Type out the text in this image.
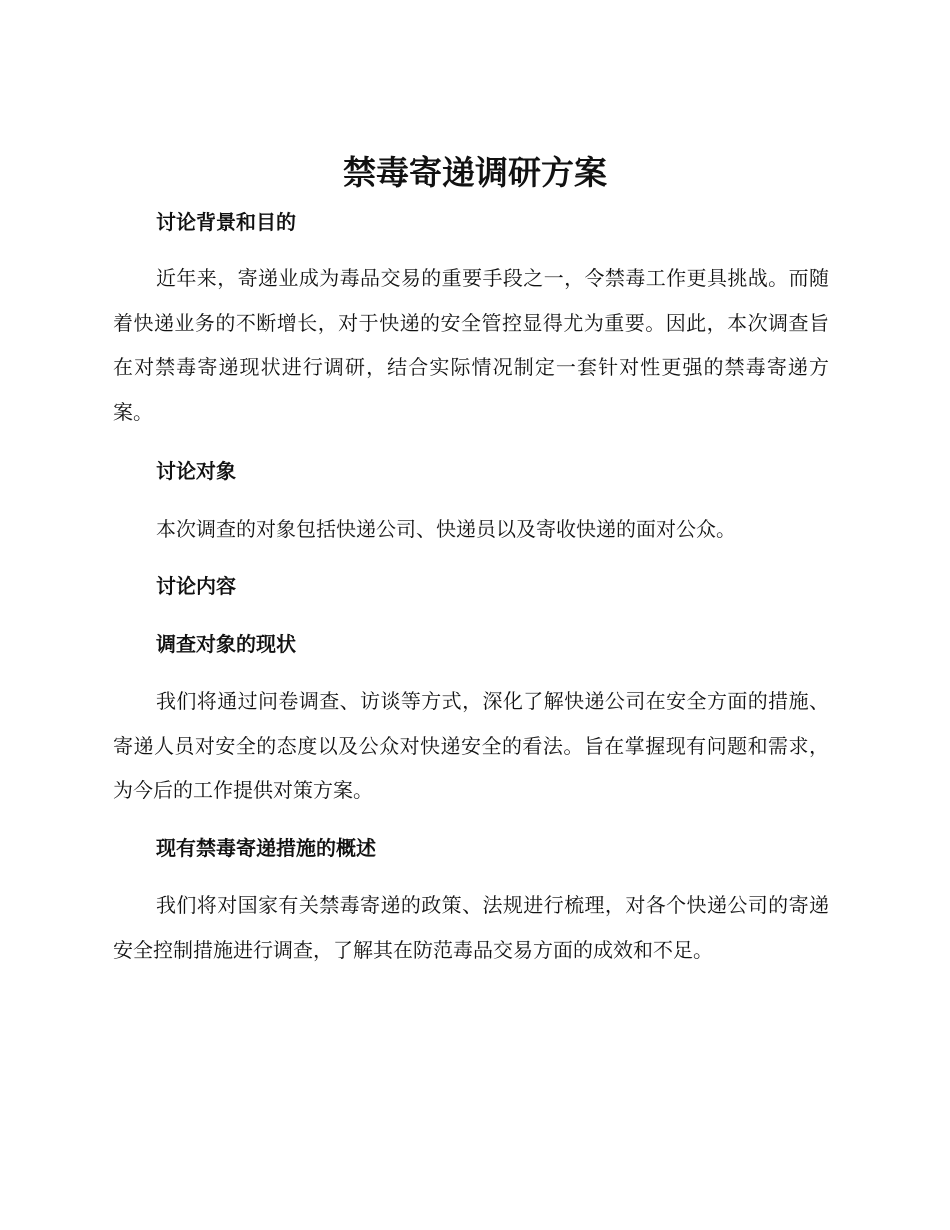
禁毒寄递调研方案
讨论背景和目的
近年来，寄递业成为毒品交易的重要手段之一，令禁毒工作更具挑战。而随着快递业务的不断增长，对于快递的安全管控显得尤为重要。因此，本次调查旨在对禁毒寄递现状进行调研，结合实际情况制定一套针对性更强的禁毒寄递方案。
讨论对象
本次调查的对象包括快递公司、快递员以及寄收快递的面对公众。
讨论内容
调查对象的现状
我们将通过问卷调查、访谈等方式，深化了解快递公司在安全方面的措施、寄递人员对安全的态度以及公众对快递安全的看法。旨在掌握现有问题和需求，为今后的工作提供对策方案。
现有禁毒寄递措施的概述
我们将对国家有关禁毒寄递的政策、法规进行梳理，对各个快递公司的寄递安全控制措施进行调查，了解其在防范毒品交易方面的成效和不足。
